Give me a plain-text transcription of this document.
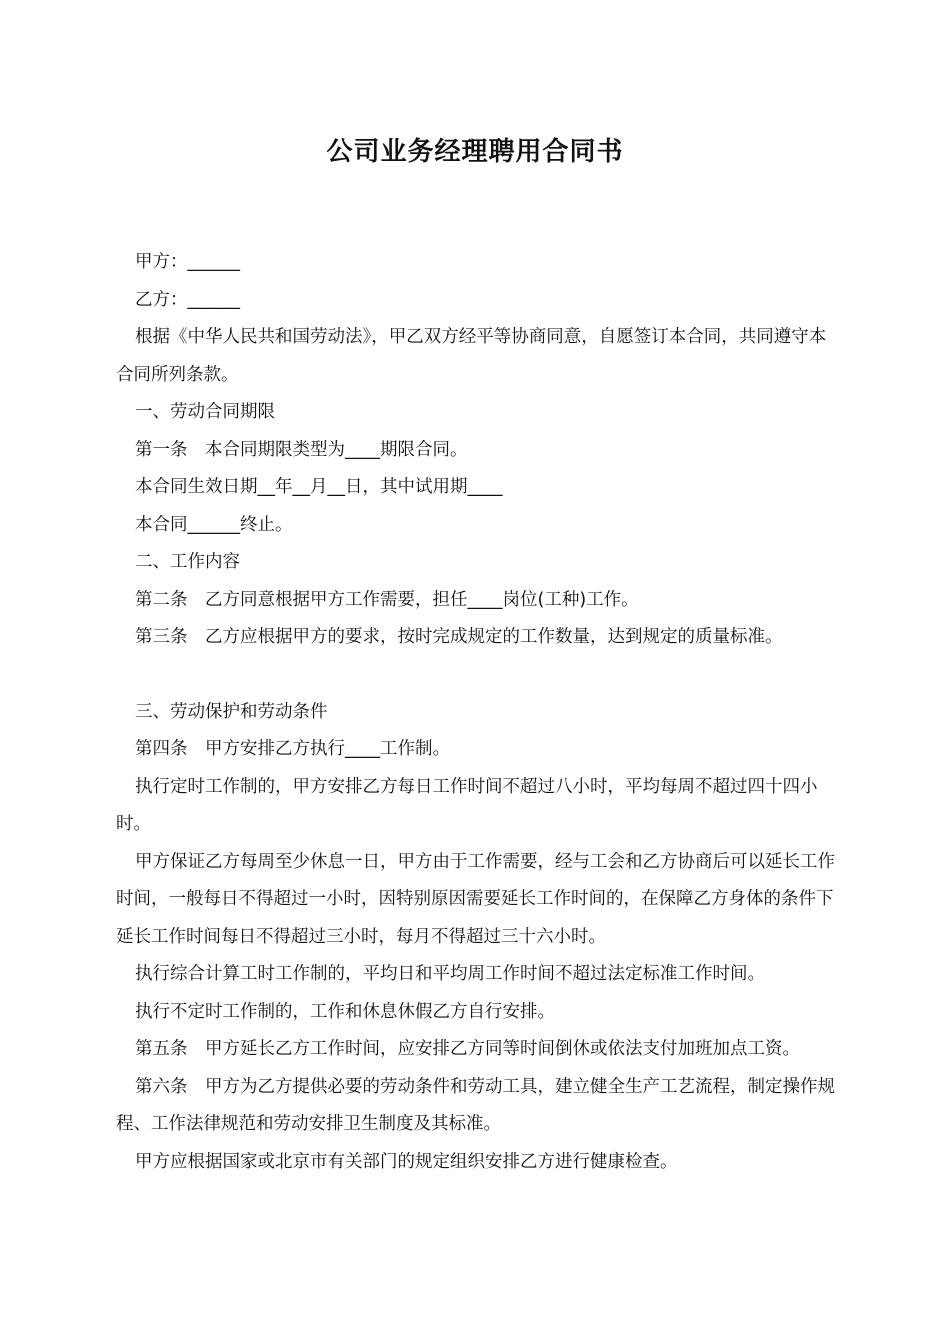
公司业务经理聘用合同书

甲方：______

乙方：______

根据《中华人民共和国劳动法》，甲乙双方经平等协商同意，自愿签订本合同，共同遵守本合同所列条款。

一、劳动合同期限

第一条　本合同期限类型为____期限合同。

本合同生效日期__年__月__日，其中试用期____

本合同______终止。

二、工作内容

第二条　乙方同意根据甲方工作需要，担任____岗位(工种)工作。

第三条　乙方应根据甲方的要求，按时完成规定的工作数量，达到规定的质量标准。

三、劳动保护和劳动条件

第四条　甲方安排乙方执行____工作制。

执行定时工作制的，甲方安排乙方每日工作时间不超过八小时，平均每周不超过四十四小时。

甲方保证乙方每周至少休息一日，甲方由于工作需要，经与工会和乙方协商后可以延长工作时间，一般每日不得超过一小时，因特别原因需要延长工作时间的，在保障乙方身体的条件下延长工作时间每日不得超过三小时，每月不得超过三十六小时。

执行综合计算工时工作制的，平均日和平均周工作时间不超过法定标准工作时间。

执行不定时工作制的，工作和休息休假乙方自行安排。

第五条　甲方延长乙方工作时间，应安排乙方同等时间倒休或依法支付加班加点工资。

第六条　甲方为乙方提供必要的劳动条件和劳动工具，建立健全生产工艺流程，制定操作规程、工作法律规范和劳动安排卫生制度及其标准。

甲方应根据国家或北京市有关部门的规定组织安排乙方进行健康检查。
